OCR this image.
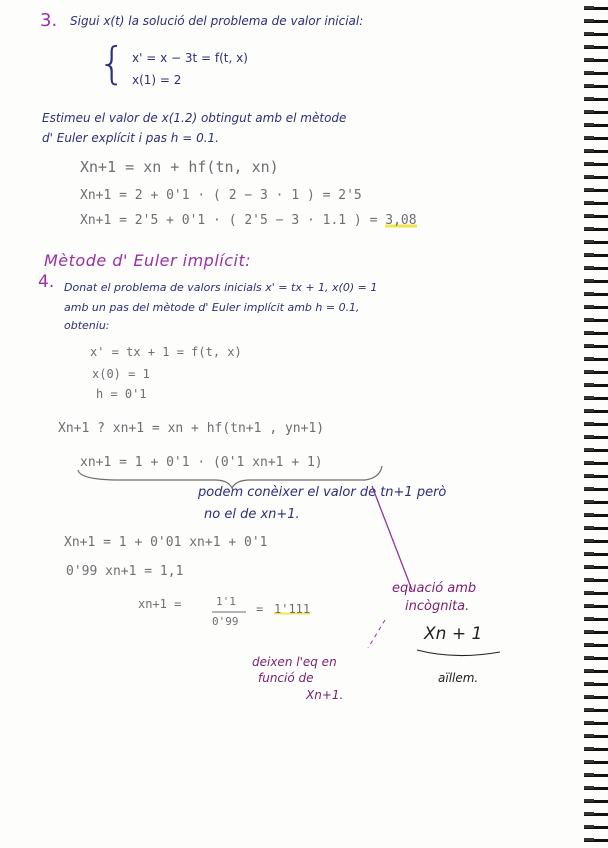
3. Sigui x(t) la solució del problema de valor inicial:
{ x' = x − 3t = f(t, x)
x(1) = 2
Estimeu el valor de x(1.2) obtingut amb el mètode
d' Euler explícit i pas h = 0.1.
Xn+1 = xn + hf(tn, xn)
Xn+1 = 2 + 0'1 · ( 2 − 3 · 1 ) = 2'5
Xn+1 = 2'5 + 0'1 · ( 2'5 − 3 · 1.1 ) = 3,08
Mètode d' Euler implícit:
4. Donat el problema de valors inicials x' = tx + 1, x(0) = 1
amb un pas del mètode d' Euler implícit amb h = 0.1,
obteniu:
x' = tx + 1 = f(t, x)
x(0) = 1
h = 0'1
Xn+1 ? xn+1 = xn + hf(tn+1 , yn+1)
xn+1 = 1 + 0'1 · (0'1 xn+1 + 1)
podem conèixer el valor de tn+1 però
no el de xn+1.
Xn+1 = 1 + 0'01 xn+1 + 0'1
0'99 xn+1 = 1,1
xn+1 =	1'1
0'99
= 1'111
equació amb
incògnita.
Xn + 1
aïllem.
deixen l'eq en
funció de
Xn+1.
